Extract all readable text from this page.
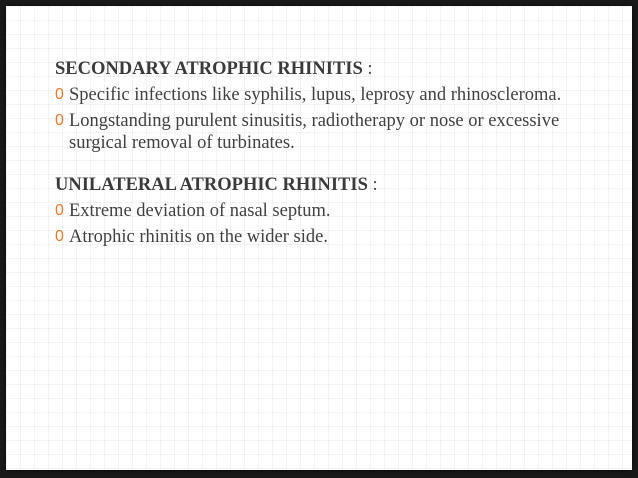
SECONDARY ATROPHIC RHINITIS :
0 Specific infections like syphilis, lupus, leprosy and rhinoscleroma.
0 Longstanding purulent sinusitis, radiotherapy or nose or excessive surgical removal of turbinates.
UNILATERAL ATROPHIC RHINITIS :
0 Extreme deviation of nasal septum.
0 Atrophic rhinitis on the wider side.
